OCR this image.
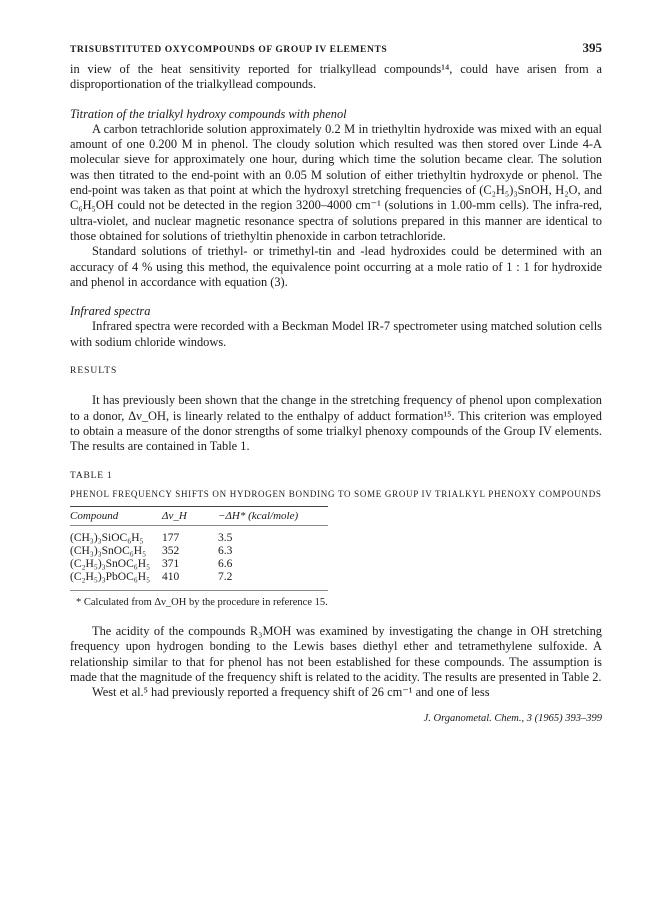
TRISUBSTITUTED OXYCOMPOUNDS OF GROUP IV ELEMENTS	395

in view of the heat sensitivity reported for trialkyllead compounds¹⁴, could have arisen from a disproportionation of the trialkyllead compounds.

Titration of the trialkyl hydroxy compounds with phenol

A carbon tetrachloride solution approximately 0.2 M in triethyltin hydroxide was mixed with an equal amount of one 0.200 M in phenol. The cloudy solution which resulted was then stored over Linde 4-A molecular sieve for approximately one hour, during which time the solution became clear. The solution was then titrated to the end-point with an 0.05 M solution of either triethyltin hydroxyde or phenol. The end-point was taken as that point at which the hydroxyl stretching frequencies of (C₂H₅)₃SnOH, H₂O, and C₆H₅OH could not be detected in the region 3200–4000 cm⁻¹ (solutions in 1.00-mm cells). The infra-red, ultra-violet, and nuclear magnetic resonance spectra of solutions prepared in this manner are identical to those obtained for solutions of triethyltin phenoxide in carbon tetrachloride.

Standard solutions of triethyl- or trimethyl-tin and -lead hydroxides could be determined with an accuracy of 4 % using this method, the equivalence point occurring at a mole ratio of 1 : 1 for hydroxide and phenol in accordance with equation (3).

Infrared spectra

Infrared spectra were recorded with a Beckman Model IR-7 spectrometer using matched solution cells with sodium chloride windows.

RESULTS

It has previously been shown that the change in the stretching frequency of phenol upon complexation to a donor, Δν_OH, is linearly related to the enthalpy of adduct formation¹⁵. This criterion was employed to obtain a measure of the donor strengths of some trialkyl phenoxy compounds of the Group IV elements. The results are contained in Table 1.

TABLE 1

PHENOL FREQUENCY SHIFTS ON HYDROGEN BONDING TO SOME GROUP IV TRIALKYL PHENOXY COMPOUNDS

Compound	Δν_H	−ΔH* (kcal/mole)
(CH₃)₃SiOC₆H₅	177	3.5
(CH₃)₃SnOC₆H₅	352	6.3
(C₂H₅)₃SnOC₆H₅	371	6.6
(C₂H₅)₃PbOC₆H₅	410	7.2

* Calculated from Δν_OH by the procedure in reference 15.

The acidity of the compounds R₃MOH was examined by investigating the change in OH stretching frequency upon hydrogen bonding to the Lewis bases diethyl ether and tetramethylene sulfoxide. A relationship similar to that for phenol has not been established for these compounds. The assumption is made that the magnitude of the frequency shift is related to the acidity. The results are presented in Table 2.

West et al.⁵ had previously reported a frequency shift of 26 cm⁻¹ and one of less

J. Organometal. Chem., 3 (1965) 393–399
